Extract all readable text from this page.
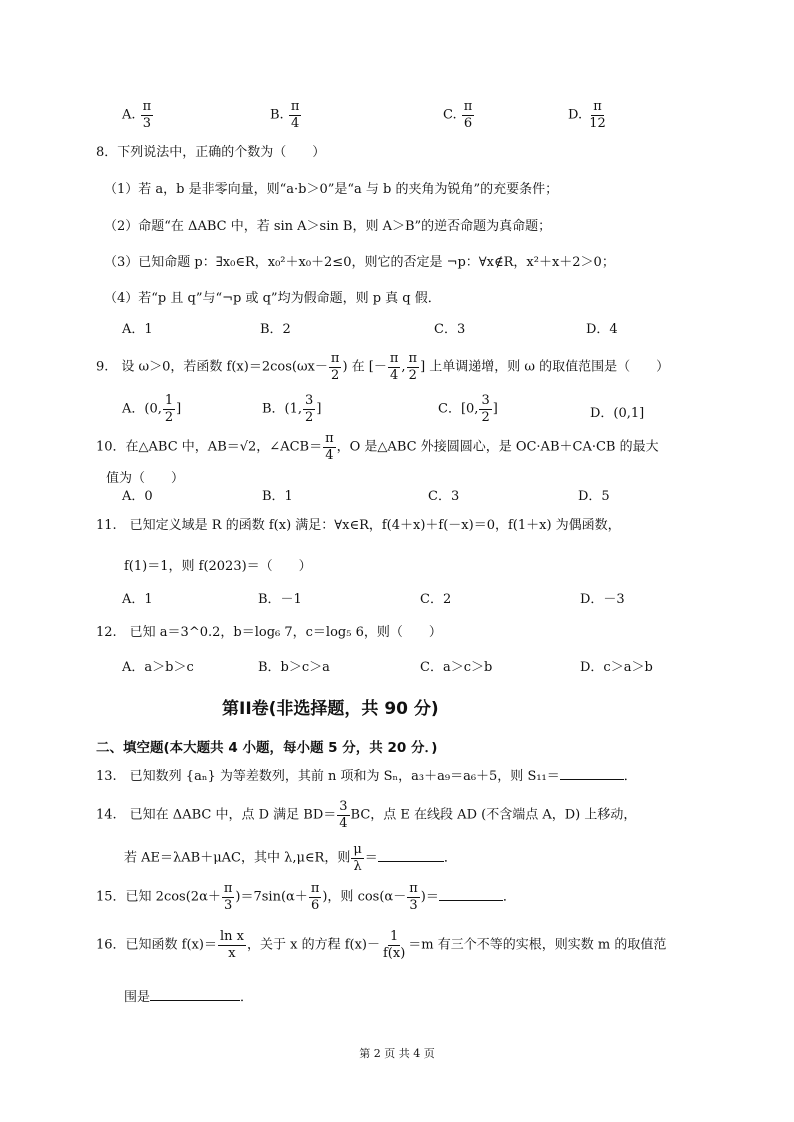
A. $\frac{\pi}{3}$	B. $\frac{\pi}{4}$	C. $\frac{\pi}{6}$	D. $\frac{\pi}{12}$
8．下列说法中，正确的个数为（　　）
（1）若 a，b 是非零向量，则“a·b＞0”是“a 与 b 的夹角为锐角”的充要条件；
（2）命题“在 ΔABC 中，若 sin A＞sin B，则 A＞B”的逆否命题为真命题；
（3）已知命题 p：∃x₀∈R，x₀²＋x₀＋2≤0，则它的否定是 ¬p：∀x∉R，x²＋x＋2＞0；
（4）若“p 且 q”与“¬p 或 q”均为假命题，则 p 真 q 假．
A．1	B．2	C．3	D．4
9.　设 ω＞0，若函数 $f(x)=2\cos(\omega x- \frac{\pi}{2}$ ) 在 [－ $\frac{\pi}{4}$ , $\frac{\pi}{2}$ ] 上单调递增，则 ω 的取值范围是（　　）
A．(0, $\frac{1}{2}$ ]	B．(1, $\frac{3}{2}$ ]	C．[0, $\frac{3}{2}$ ]	D．(0,1]
10．在△ABC 中，AB＝√2，∠ACB＝ $\frac{\pi}{4}$ ，O 是△ABC 外接圆圆心，是 OC·AB＋CA·CB 的最大
值为（　　）
A．0	B．1	C．3	D．5
11.　已知定义域是 R 的函数 f(x) 满足：∀x∈R，f(4＋x)＋f(－x)＝0，f(1＋x) 为偶函数，
f(1)＝1，则 f(2023)＝（　　）
A．1	B．－1	C．2	D．－3
12.　已知 a＝3^0.2，b＝log₆ 7，c＝log₅ 6，则（　　）
A．a＞b＞c	B．b＞c＞a	C．a＞c＞b	D．c＞a＞b
第II卷(非选择题，共 90 分)
二、填空题(本大题共 4 小题，每小题 5 分，共 20 分．)
13.　已知数列 {aₙ} 为等差数列，其前 n 项和为 Sₙ，a₃＋a₉＝a₆＋5，则 S₁₁＝	．
14.　已知在 ΔABC 中，点 D 满足 $BD= \frac{3}{4}$ BC，点 E 在线段 AD (不含端点 A，D) 上移动，
若 AE＝λAB＋μAC，其中 λ,μ∈R，则 $\frac{\mu}{\lambda}$ ＝	．
15．已知 $2\cos(2\alpha+ \frac{\pi}{3} )=7\sin(\alpha+ \frac{\pi}{6}$ )，则 $\cos(\alpha- \frac{\pi}{3}$ )＝	．
16．已知函数 $f(x)= \frac{\text{ln x}}{x}$ ，关于 x 的方程 $f(x)- \frac{1}{f(x)} =m$ 有三个不等的实根，则实数 m 的取值范
围是	．
第 2 页 共 4 页
